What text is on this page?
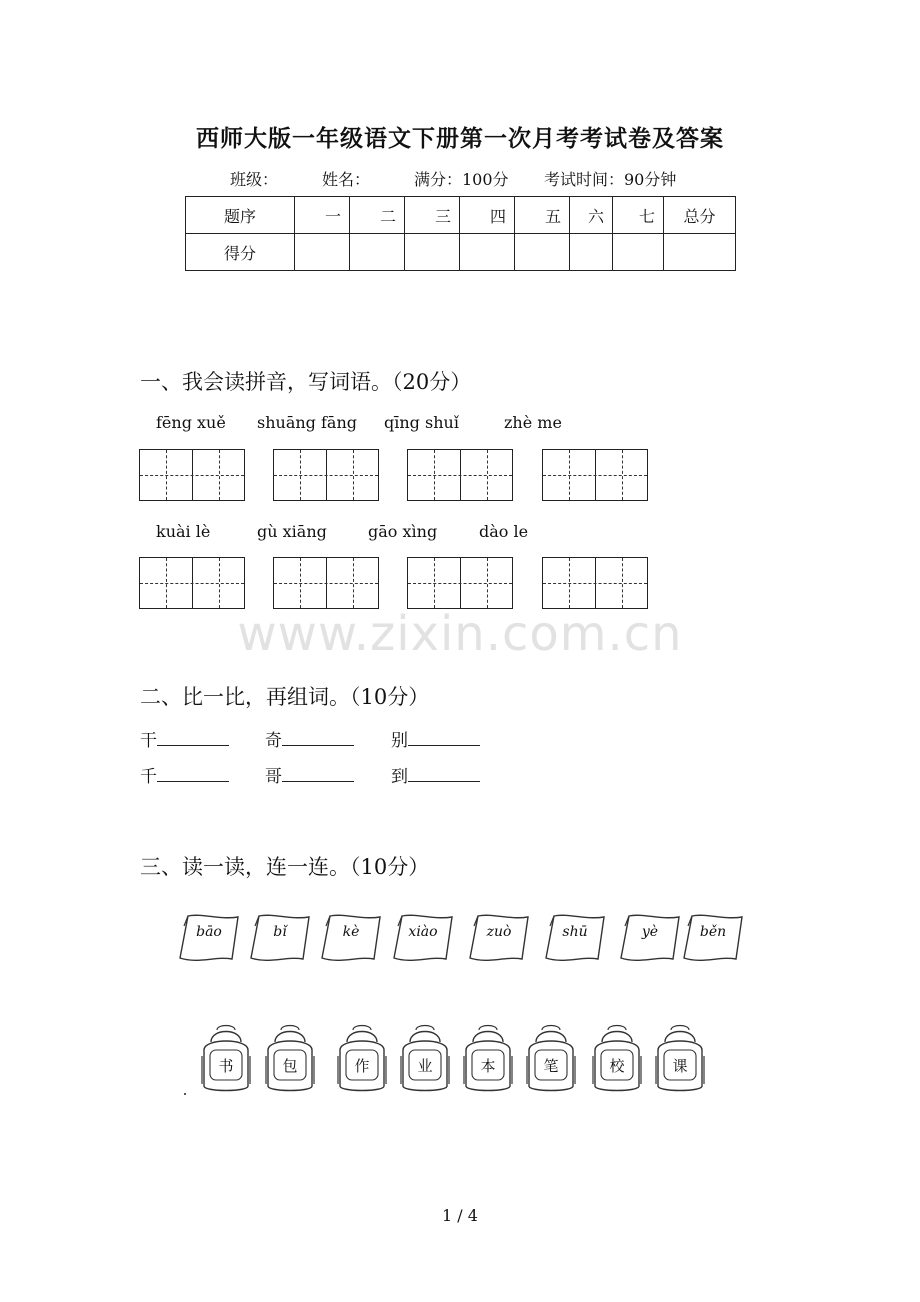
西师大版一年级语文下册第一次月考考试卷及答案
班级：	姓名：	满分：100分 考试时间：90分钟
题序	一	二	三	四	五	六	七	总分
得分								
一、我会读拼音，写词语。（20分）
fēng xuě shuāng fāng qīng shuǐ	zhè me
kuài lè	gù xiāng	gāo xìng	dào le
www.zixin.com.cn
二、比一比，再组词。（10分）
干	奇	别
千	哥	到
三、读一读，连一连。（10分）
bāo	bǐ	kè	xiào	zuò	shū	yè	běn
书	包	作	业	本	笔	校	课
1 / 4
